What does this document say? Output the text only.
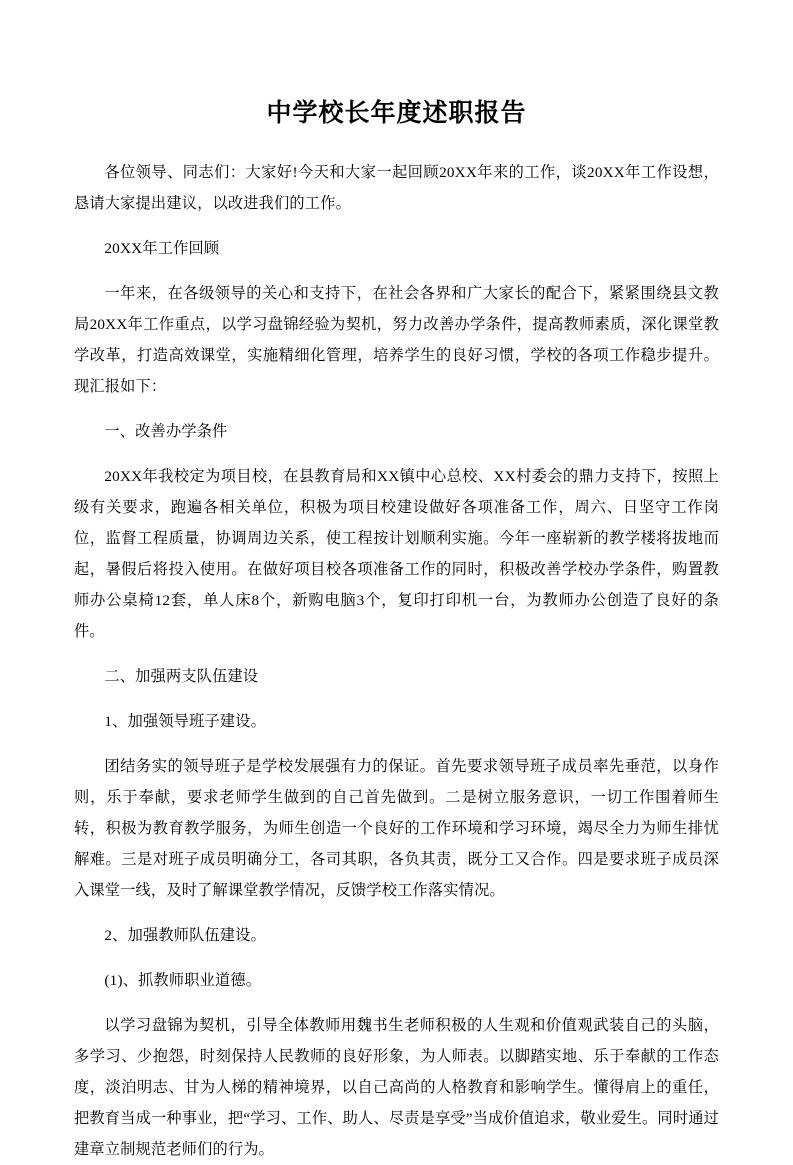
中学校长年度述职报告

各位领导、同志们：大家好!今天和大家一起回顾20XX年来的工作，谈20XX年工作设想，恳请大家提出建议，以改进我们的工作。

20XX年工作回顾

一年来，在各级领导的关心和支持下，在社会各界和广大家长的配合下，紧紧围绕县文教局20XX年工作重点，以学习盘锦经验为契机，努力改善办学条件，提高教师素质，深化课堂教学改革，打造高效课堂，实施精细化管理，培养学生的良好习惯，学校的各项工作稳步提升。现汇报如下：

一、改善办学条件

20XX年我校定为项目校，在县教育局和XX镇中心总校、XX村委会的鼎力支持下，按照上级有关要求，跑遍各相关单位，积极为项目校建设做好各项准备工作，周六、日坚守工作岗位，监督工程质量，协调周边关系，使工程按计划顺利实施。今年一座崭新的教学楼将拔地而起，暑假后将投入使用。在做好项目校各项准备工作的同时，积极改善学校办学条件，购置教师办公桌椅12套，单人床8个，新购电脑3个，复印打印机一台，为教师办公创造了良好的条件。

二、加强两支队伍建设

1、加强领导班子建设。

团结务实的领导班子是学校发展强有力的保证。首先要求领导班子成员率先垂范，以身作则，乐于奉献，要求老师学生做到的自己首先做到。二是树立服务意识，一切工作围着师生转，积极为教育教学服务，为师生创造一个良好的工作环境和学习环境，竭尽全力为师生排忧解难。三是对班子成员明确分工，各司其职，各负其责，既分工又合作。四是要求班子成员深入课堂一线，及时了解课堂教学情况，反馈学校工作落实情况。

2、加强教师队伍建设。

(1)、抓教师职业道德。

以学习盘锦为契机，引导全体教师用魏书生老师积极的人生观和价值观武装自己的头脑，多学习、少抱怨，时刻保持人民教师的良好形象，为人师表。以脚踏实地、乐于奉献的工作态度，淡泊明志、甘为人梯的精神境界，以自己高尚的人格教育和影响学生。懂得肩上的重任，把教育当成一种事业，把“学习、工作、助人、尽责是享受”当成价值追求，敬业爱生。同时通过建章立制规范老师们的行为。
